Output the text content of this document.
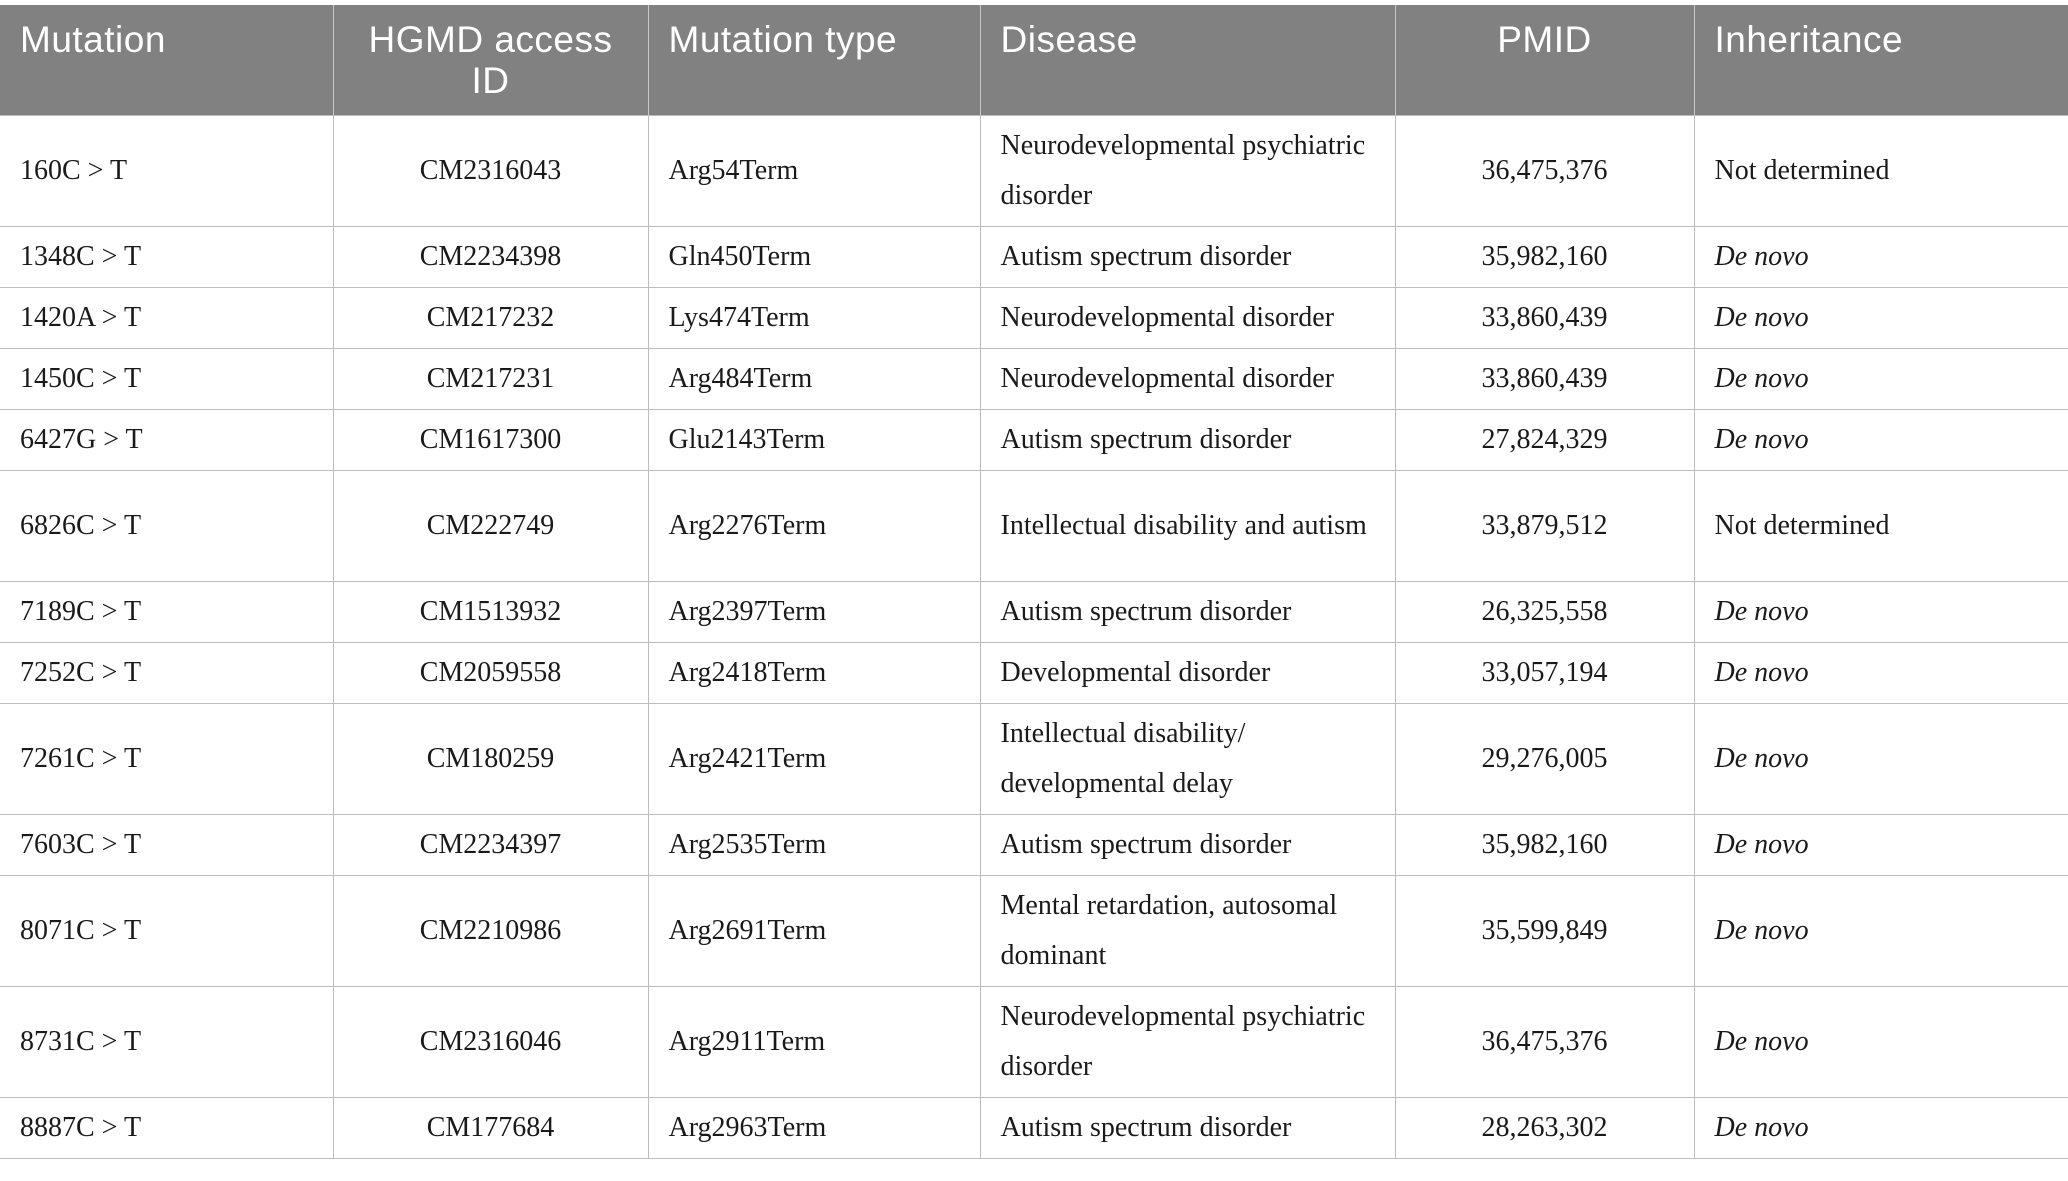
Mutation	HGMD access ID	Mutation type	Disease	PMID	Inheritance
160C > T	CM2316043	Arg54Term	Neurodevelopmental psychiatric disorder	36,475,376	Not determined
1348C > T	CM2234398	Gln450Term	Autism spectrum disorder	35,982,160	De novo
1420A > T	CM217232	Lys474Term	Neurodevelopmental disorder	33,860,439	De novo
1450C > T	CM217231	Arg484Term	Neurodevelopmental disorder	33,860,439	De novo
6427G > T	CM1617300	Glu2143Term	Autism spectrum disorder	27,824,329	De novo
6826C > T	CM222749	Arg2276Term	Intellectual disability and autism	33,879,512	Not determined
7189C > T	CM1513932	Arg2397Term	Autism spectrum disorder	26,325,558	De novo
7252C > T	CM2059558	Arg2418Term	Developmental disorder	33,057,194	De novo
7261C > T	CM180259	Arg2421Term	Intellectual disability/ developmental delay	29,276,005	De novo
7603C > T	CM2234397	Arg2535Term	Autism spectrum disorder	35,982,160	De novo
8071C > T	CM2210986	Arg2691Term	Mental retardation, autosomal dominant	35,599,849	De novo
8731C > T	CM2316046	Arg2911Term	Neurodevelopmental psychiatric disorder	36,475,376	De novo
8887C > T	CM177684	Arg2963Term	Autism spectrum disorder	28,263,302	De novo
